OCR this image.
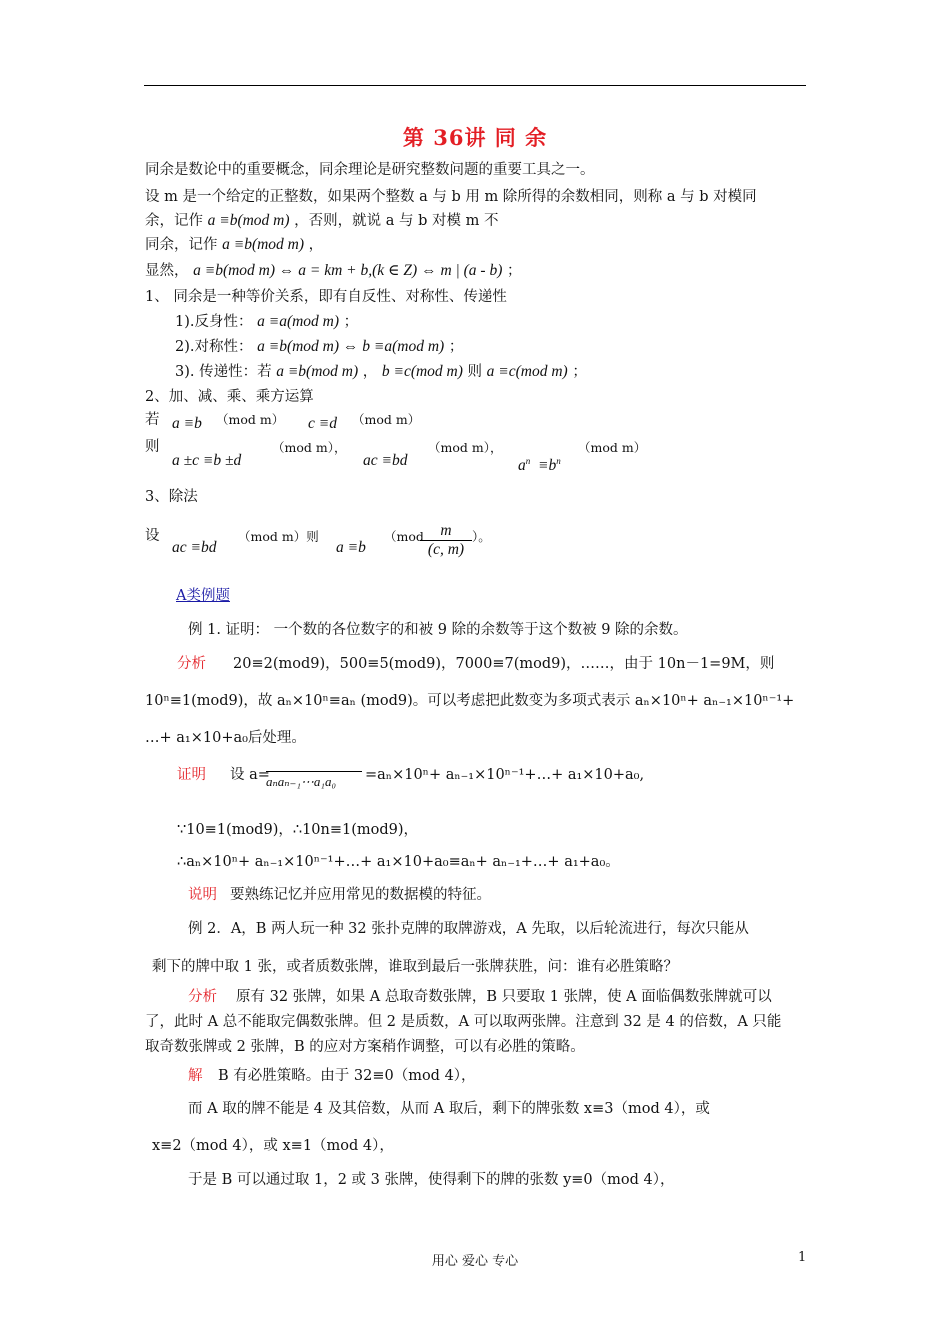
第 36讲 同 余
同余是数论中的重要概念，同余理论是研究整数问题的重要工具之一。
设 m 是一个给定的正整数，如果两个整数 a 与 b 用 m 除所得的余数相同，则称 a 与 b 对模同
余，记作 a ≡b(mod m) ，否则，就说 a 与 b 对模 m 不
同余，记作 a ≡b(mod m) ，
显然， a ≡b(mod m) ⇔ a = km + b,(k ∈ Z) ⇔ m | (a - b) ；
1、 同余是一种等价关系，即有自反性、对称性、传递性
1).反身性： a ≡a(mod m) ；
2).对称性： a ≡b(mod m) ⇔ b ≡a(mod m) ；
3). 传递性：若 a ≡b(mod m) ， b ≡c(mod m) 则 a ≡c(mod m) ；
2、加、减、乘、乘方运算
若 a ≡b （mod m） c ≡d （mod m）
则
a ±c ≡b ±d
（mod m），
ac ≡bd
（mod m），
$a^n \equiv b^n$
（mod m）
3、除法
设
ac ≡bd
（mod m）则
a ≡b
（mod
$\frac{m}{(c, m)}$ ）。
A类例题
例 1. 证明： 一个数的各位数字的和被 9 除的余数等于这个数被 9 除的余数。
分析 20≡2(mod9)，500≡5(mod9)，7000≡7(mod9)，……，由于 10n－1=9M，则
10ⁿ≡1(mod9)，故 aₙ×10ⁿ≡aₙ (mod9)。可以考虑把此数变为多项式表示 aₙ×10ⁿ+ aₙ₋₁×10ⁿ⁻¹+
…+ a₁×10+a₀后处理。
证明 设 a=
aₙaₙ₋₁⋯a₁a₀	=aₙ×10ⁿ+ aₙ₋₁×10ⁿ⁻¹+…+ a₁×10+a₀,
∵10≡1(mod9)，∴10n≡1(mod9)，
∴aₙ×10ⁿ+ aₙ₋₁×10ⁿ⁻¹+…+ a₁×10+a₀≡aₙ+ aₙ₋₁+…+ a₁+a₀。
说明 要熟练记忆并应用常见的数据模的特征。
例 2．A，B 两人玩一种 32 张扑克牌的取牌游戏，A 先取，以后轮流进行，每次只能从
剩下的牌中取 1 张，或者质数张牌，谁取到最后一张牌获胜，问：谁有必胜策略？
分析 原有 32 张牌，如果 A 总取奇数张牌，B 只要取 1 张牌，使 A 面临偶数张牌就可以
了，此时 A 总不能取完偶数张牌。但 2 是质数，A 可以取两张牌。注意到 32 是 4 的倍数，A 只能
取奇数张牌或 2 张牌，B 的应对方案稍作调整，可以有必胜的策略。
解 B 有必胜策略。由于 32≡0（mod 4），
而 A 取的牌不能是 4 及其倍数，从而 A 取后，剩下的牌张数 x≡3（mod 4），或
x≡2（mod 4），或 x≡1（mod 4），
于是 B 可以通过取 1，2 或 3 张牌，使得剩下的牌的张数 y≡0（mod 4），
用心 爱心 专心	1
